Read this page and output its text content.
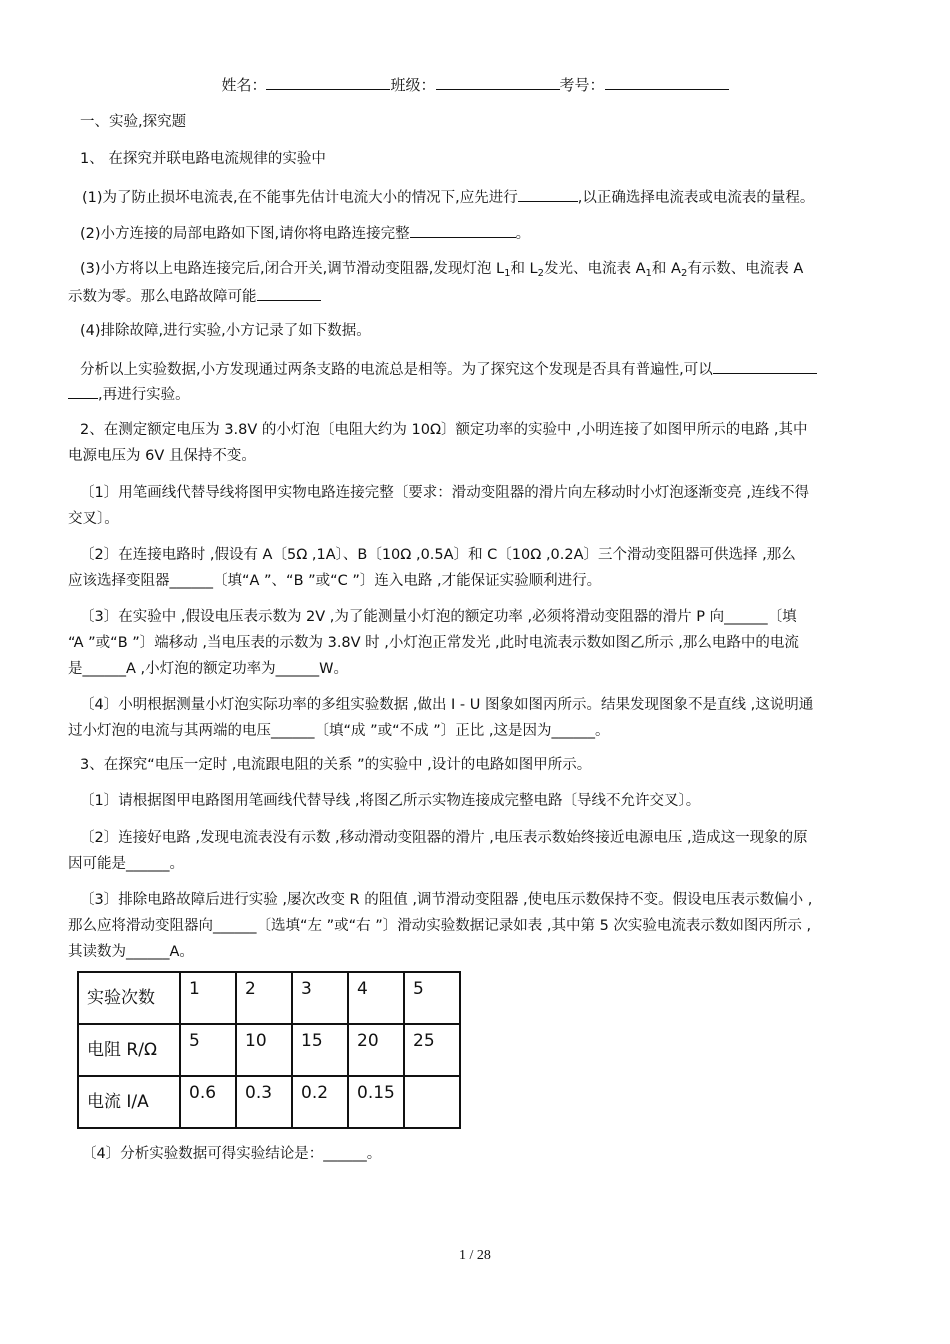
姓名：	班级：	考号：
一、实验,探究题
1、 在探究并联电路电流规律的实验中
(1)为了防止损坏电流表,在不能事先估计电流大小的情况下,应先进行	,以正确选择电流表或电流表的量程。
(2)小方连接的局部电路如下图,请你将电路连接完整	。
(3)小方将以上电路连接完后,闭合开关,调节滑动变阻器,发现灯泡 $L_1$和 $L_2$发光、电流表 $A_1$和 $A_2$有示数、电流表 A
示数为零。那么电路故障可能
(4)排除故障,进行实验,小方记录了如下数据。
分析以上实验数据,小方发现通过两条支路的电流总是相等。为了探究这个发现是否具有普遍性,可以
,再进行实验。
2、在测定额定电压为 3.8V 的小灯泡〔电阻大约为 10Ω〕额定功率的实验中 ,小明连接了如图甲所示的电路 ,其中
电源电压为 6V 且保持不变。
〔1〕用笔画线代替导线将图甲实物电路连接完整〔要求：滑动变阻器的滑片向左移动时小灯泡逐渐变亮 ,连线不得
交叉〕。
〔2〕在连接电路时 ,假设有 A〔5Ω ,1A〕、B〔10Ω ,0.5A〕和 C〔10Ω ,0.2A〕三个滑动变阻器可供选择 ,那么
应该选择变阻器______〔填“A ”、“B ”或“C ”〕连入电路 ,才能保证实验顺利进行。
〔3〕在实验中 ,假设电压表示数为 2V ,为了能测量小灯泡的额定功率 ,必须将滑动变阻器的滑片 P 向______〔填
“A ”或“B ”〕端移动 ,当电压表的示数为 3.8V 时 ,小灯泡正常发光 ,此时电流表示数如图乙所示 ,那么电路中的电流
是______A ,小灯泡的额定功率为______W。
〔4〕小明根据测量小灯泡实际功率的多组实验数据 ,做出 I - U 图象如图丙所示。结果发现图象不是直线 ,这说明通
过小灯泡的电流与其两端的电压______〔填“成 ”或“不成 ”〕正比 ,这是因为______。
3、在探究“电压一定时 ,电流跟电阻的关系 ”的实验中 ,设计的电路如图甲所示。
〔1〕请根据图甲电路图用笔画线代替导线 ,将图乙所示实物连接成完整电路〔导线不允许交叉〕。
〔2〕连接好电路 ,发现电流表没有示数 ,移动滑动变阻器的滑片 ,电压表示数始终接近电源电压 ,造成这一现象的原
因可能是______。
〔3〕排除电路故障后进行实验 ,屡次改变 R 的阻值 ,调节滑动变阻器 ,使电压示数保持不变。假设电压表示数偏小 ,
那么应将滑动变阻器向______〔选填“左 ”或“右 ”〕滑动实验数据记录如表 ,其中第 5 次实验电流表示数如图丙所示 ,
其读数为______A。
实验次数	1	2	3	4	5
电阻 R/Ω	5	10	15	20	25
电流 I/A	0.6	0.3	0.2	0.15	
〔4〕分析实验数据可得实验结论是：______。
1 / 28
